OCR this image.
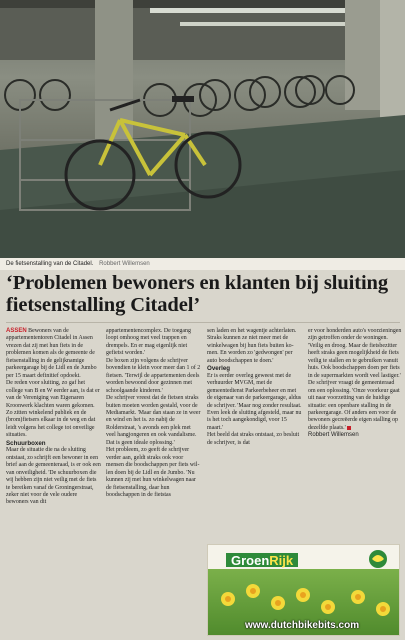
De fietsenstalling van de Citadel. Robbert Willemsen
‘Problemen bewoners en klanten bij sluiting fietsenstalling Citadel’

ASSEN Bewoners van de appartemententoren Citadel in Assen vrezen dat zij met hun fiets in de problemen komen als de gemeente de fietsenstalling in de gelijknamige parkeergarage bij de Lidl en de Jumbo per 15 maart definitief opdoekt.

De reden voor sluiting, zo gaf het college van B en W eerder aan, is dat er van de Vereniging van Eigenaren Kroonwerk klachten waren gekomen. Zo zitten winkelend publiek en de (brom)fietsers elkaar in de weg en dat leidt volgens het college tot onveilige situaties.

Schuurboxen

Maar de situatie die na de sluiting ontstaat, zo schrijft een bewoner in een brief aan de gemeenteraad, is er ook een van onveiligheid. 'De schuurboxen die wij hebben zijn niet veilig met de fiets te bereiken vanaf de Groningerstraat, zeker niet voor de vele oudere bewoners van dit

appartementencomplex. De toegang loopt omhoog met veel trappen en drempels. En er mag eigenlijk niet gefietst worden.'

De boxen zijn volgens de schrijver bovendien te klein voor meer dan 1 of 2 fietsen. 'Terwijl de appartementen deels worden bewoond door gezinnen met schoolgaande kinderen.'

De schrijver vreest dat de fietsen straks buiten moeten worden gestald, voor de Mediamarkt. 'Maar dan staan ze in weer en wind en het is. zo nabij de Rolderstraat, 's avonds een plek met veel hangjongeren en ook vandalisme. Dat is geen ideale oplossing.'

Het probleem, zo geeft de schrijver verder aan, geldt straks ook voor mensen die boodschappen per fiets willen doen bij de Lidl en de Jumbo. 'Nu kunnen zij met hun winkelwagen naar de fietsenstalling, daar hun boodschappen in de fietstas

sen laden en het wagentje achterlaten. Straks kunnen ze niet meer met de winkelwagen bij hun fiets buiten komen. En worden zo 'gedwongen' per auto boodschappen te doen.'

Overleg

Er is eerder overleg geweest met de verhuurder MVGM, met de gemeentedienst Parkeerbeheer en met de eigenaar van de parkeergarage, aldus de schrijver. 'Maar nog zonder resultaat. Even leek de sluiting afgesteld, maar nu is het toch aangekondigd, voor 15 maart.'

Het beeld dat straks ontstaat, zo besluit de schrijver, is dat

er voor honderden auto's voorzieningen zijn getroffen onder de woningen. 'Veilig en droog. Maar de fietsbezitter heeft straks geen mogelijkheid de fiets veilig te stallen en te gebruiken vanuit huis. Ook boodschappen doen per fiets in de supermarkten wordt veel lastiger.'

De schrijver vraagt de gemeenteraad om een oplossing. 'Onze voorkeur gaat uit naar voorzetting van de huidige situatie: een openbare stalling in de parkeergarage. Of anders een voor de bewoners gecreëerde eigen stalling op dezelfde plaats.'

Robbert Willemsen

GroenRijk
www.dutchbikebits.com
